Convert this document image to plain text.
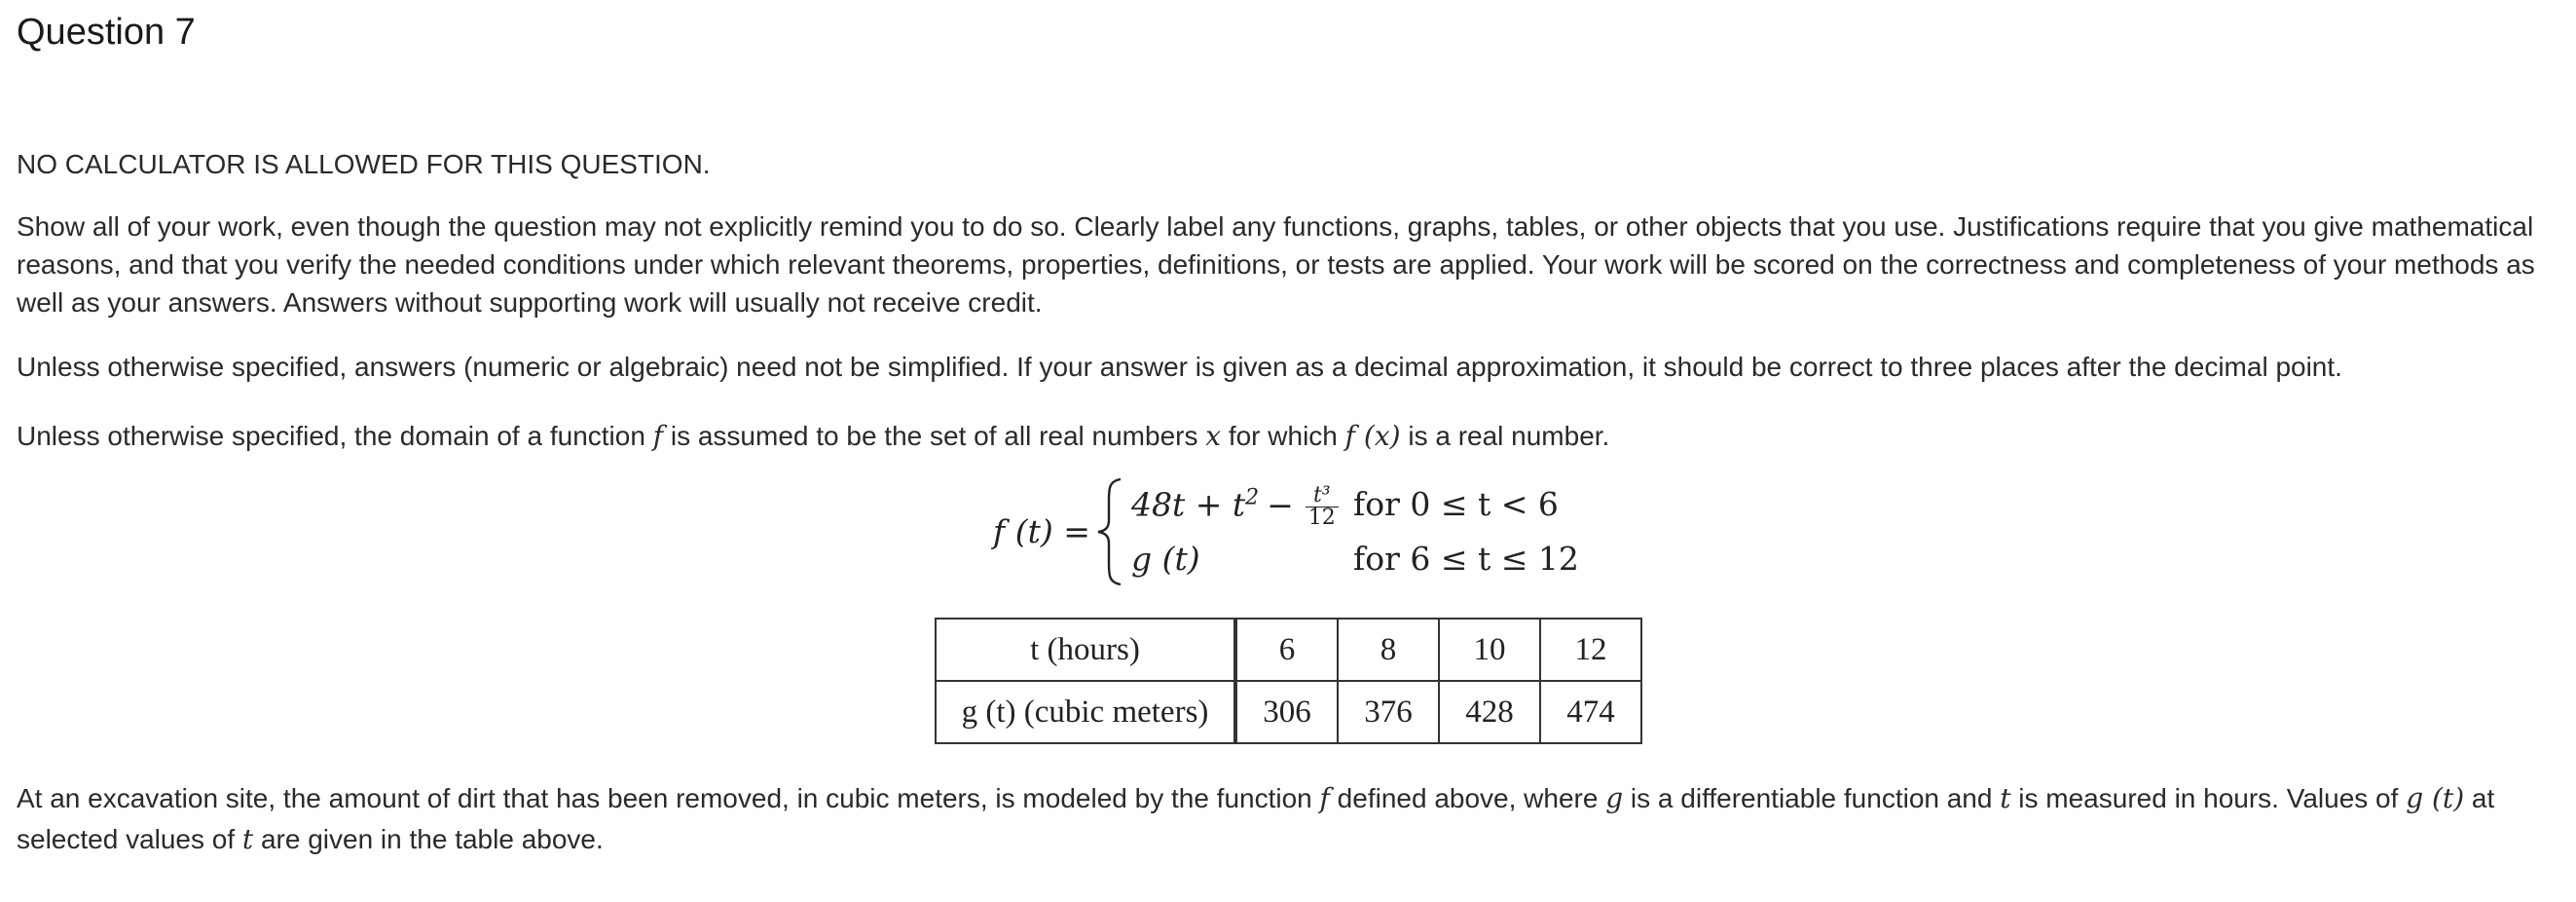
Question 7

NO CALCULATOR IS ALLOWED FOR THIS QUESTION.

Show all of your work, even though the question may not explicitly remind you to do so. Clearly label any functions, graphs, tables, or other objects that you use. Justifications require that you give mathematical reasons, and that you verify the needed conditions under which relevant theorems, properties, definitions, or tests are applied. Your work will be scored on the correctness and completeness of your methods as well as your answers. Answers without supporting work will usually not receive credit.

Unless otherwise specified, answers (numeric or algebraic) need not be simplified. If your answer is given as a decimal approximation, it should be correct to three places after the decimal point.

Unless otherwise specified, the domain of a function f is assumed to be the set of all real numbers x for which f (x) is a real number.

f (t) =
$48t + t^2 - \frac{\text{t³}}{12}$ for 0 ≤ t < 6
g (t)	for 6 ≤ t ≤ 12
t (hours)	6	8	10	12
g (t) (cubic meters)	306	376	428	474

At an excavation site, the amount of dirt that has been removed, in cubic meters, is modeled by the function f defined above, where g is a differentiable function and t is measured in hours. Values of g (t) at selected values of t are given in the table above.
